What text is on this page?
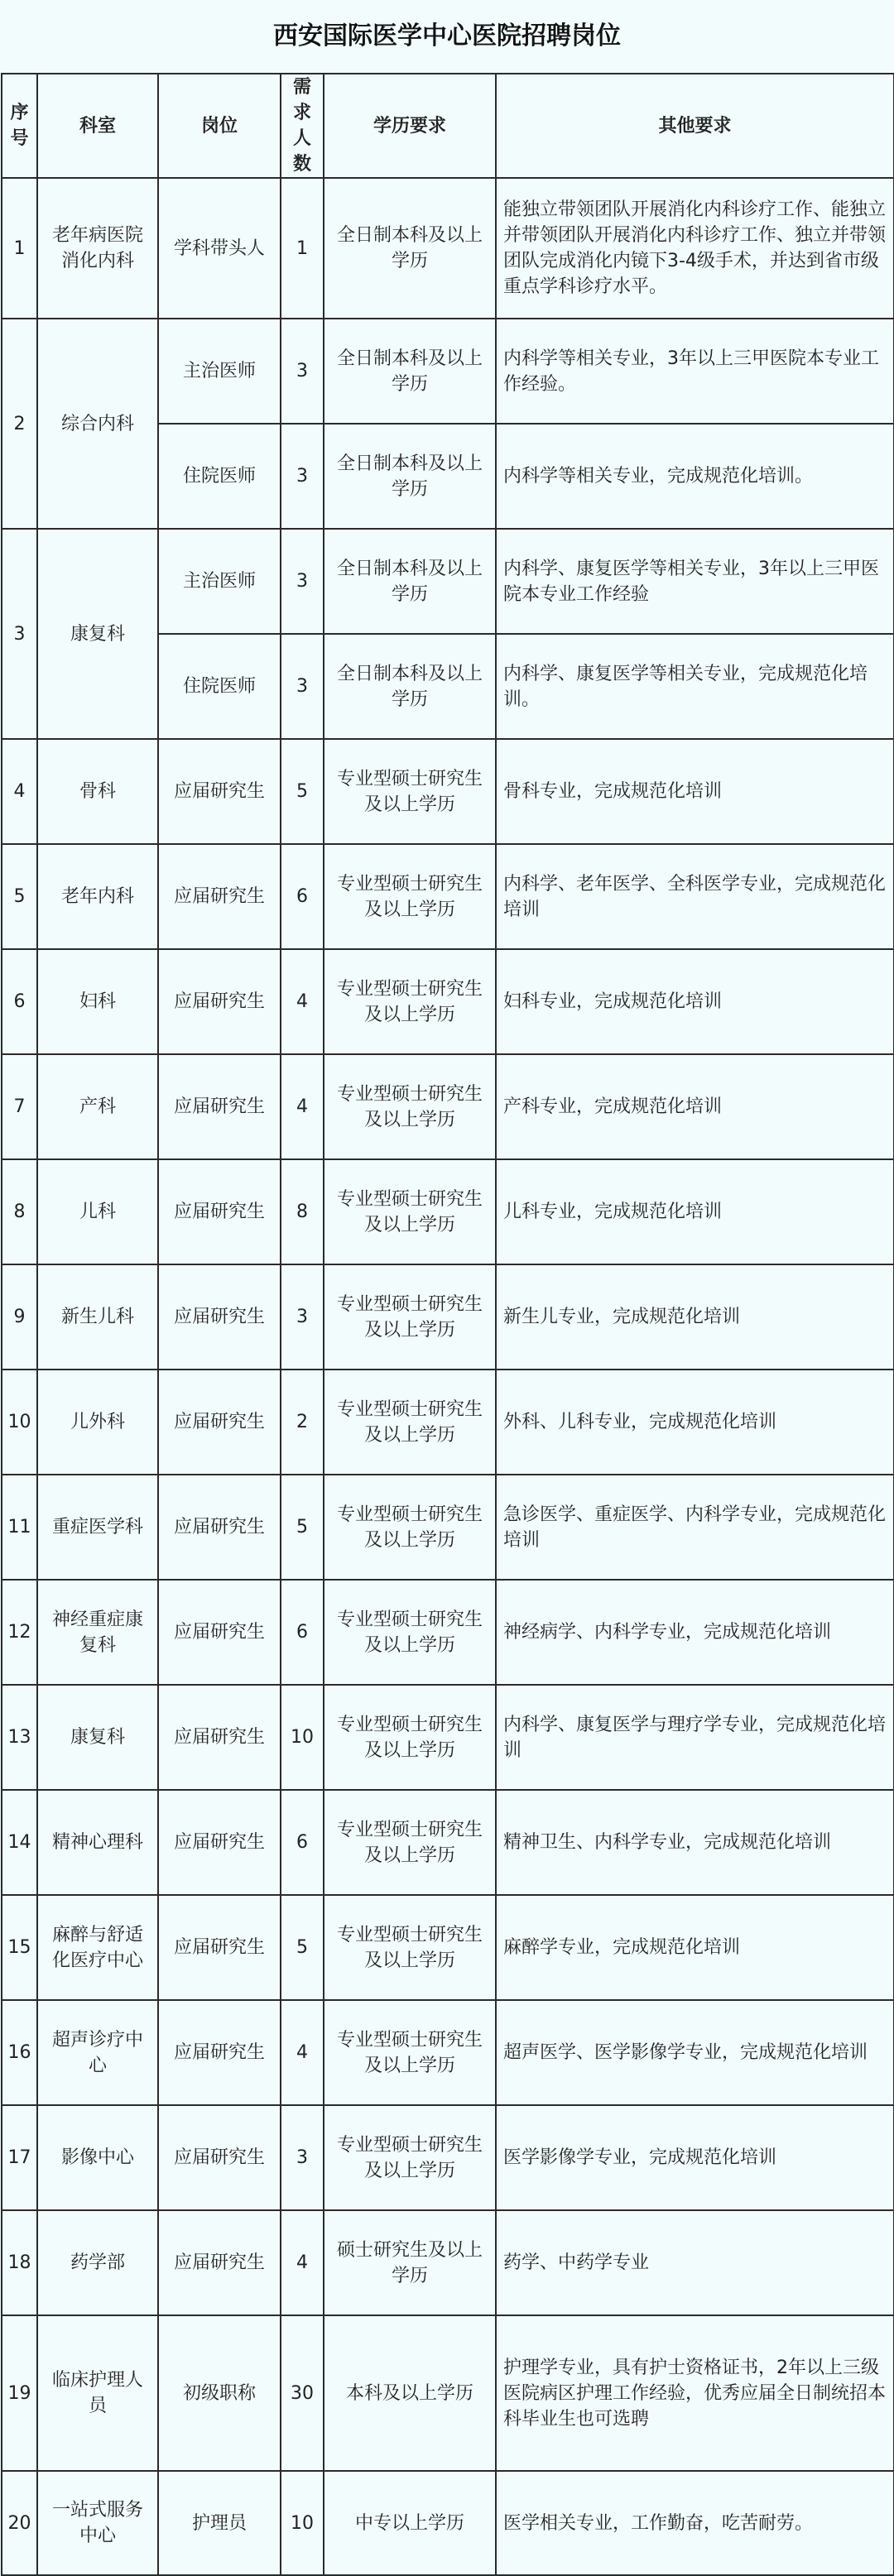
西安国际医学中心医院招聘岗位
序号	科室	岗位	需求人数	学历要求	其他要求
1	老年病医院消化内科	学科带头人	1	全日制本科及以上学历	能独立带领团队开展消化内科诊疗工作、能独立并带领团队开展消化内科诊疗工作、独立并带领团队完成消化内镜下3-4级手术，并达到省市级重点学科诊疗水平。
2	综合内科	主治医师	3	全日制本科及以上学历	内科学等相关专业，3年以上三甲医院本专业工作经验。
		住院医师	3	全日制本科及以上学历	内科学等相关专业，完成规范化培训。
3	康复科	主治医师	3	全日制本科及以上学历	内科学、康复医学等相关专业，3年以上三甲医院本专业工作经验
		住院医师	3	全日制本科及以上学历	内科学、康复医学等相关专业，完成规范化培训。
4	骨科	应届研究生	5	专业型硕士研究生及以上学历	骨科专业，完成规范化培训
5	老年内科	应届研究生	6	专业型硕士研究生及以上学历	内科学、老年医学、全科医学专业，完成规范化培训
6	妇科	应届研究生	4	专业型硕士研究生及以上学历	妇科专业，完成规范化培训
7	产科	应届研究生	4	专业型硕士研究生及以上学历	产科专业，完成规范化培训
8	儿科	应届研究生	8	专业型硕士研究生及以上学历	儿科专业，完成规范化培训
9	新生儿科	应届研究生	3	专业型硕士研究生及以上学历	新生儿专业，完成规范化培训
10	儿外科	应届研究生	2	专业型硕士研究生及以上学历	外科、儿科专业，完成规范化培训
11	重症医学科	应届研究生	5	专业型硕士研究生及以上学历	急诊医学、重症医学、内科学专业，完成规范化培训
12	神经重症康复科	应届研究生	6	专业型硕士研究生及以上学历	神经病学、内科学专业，完成规范化培训
13	康复科	应届研究生	10	专业型硕士研究生及以上学历	内科学、康复医学与理疗学专业，完成规范化培训
14	精神心理科	应届研究生	6	专业型硕士研究生及以上学历	精神卫生、内科学专业，完成规范化培训
15	麻醉与舒适化医疗中心	应届研究生	5	专业型硕士研究生及以上学历	麻醉学专业，完成规范化培训
16	超声诊疗中心	应届研究生	4	专业型硕士研究生及以上学历	超声医学、医学影像学专业，完成规范化培训
17	影像中心	应届研究生	3	专业型硕士研究生及以上学历	医学影像学专业，完成规范化培训
18	药学部	应届研究生	4	硕士研究生及以上学历	药学、中药学专业
19	临床护理人员	初级职称	30	本科及以上学历	护理学专业，具有护士资格证书，2年以上三级医院病区护理工作经验，优秀应届全日制统招本科毕业生也可选聘
20	一站式服务中心	护理员	10	中专以上学历	医学相关专业，工作勤奋，吃苦耐劳。
